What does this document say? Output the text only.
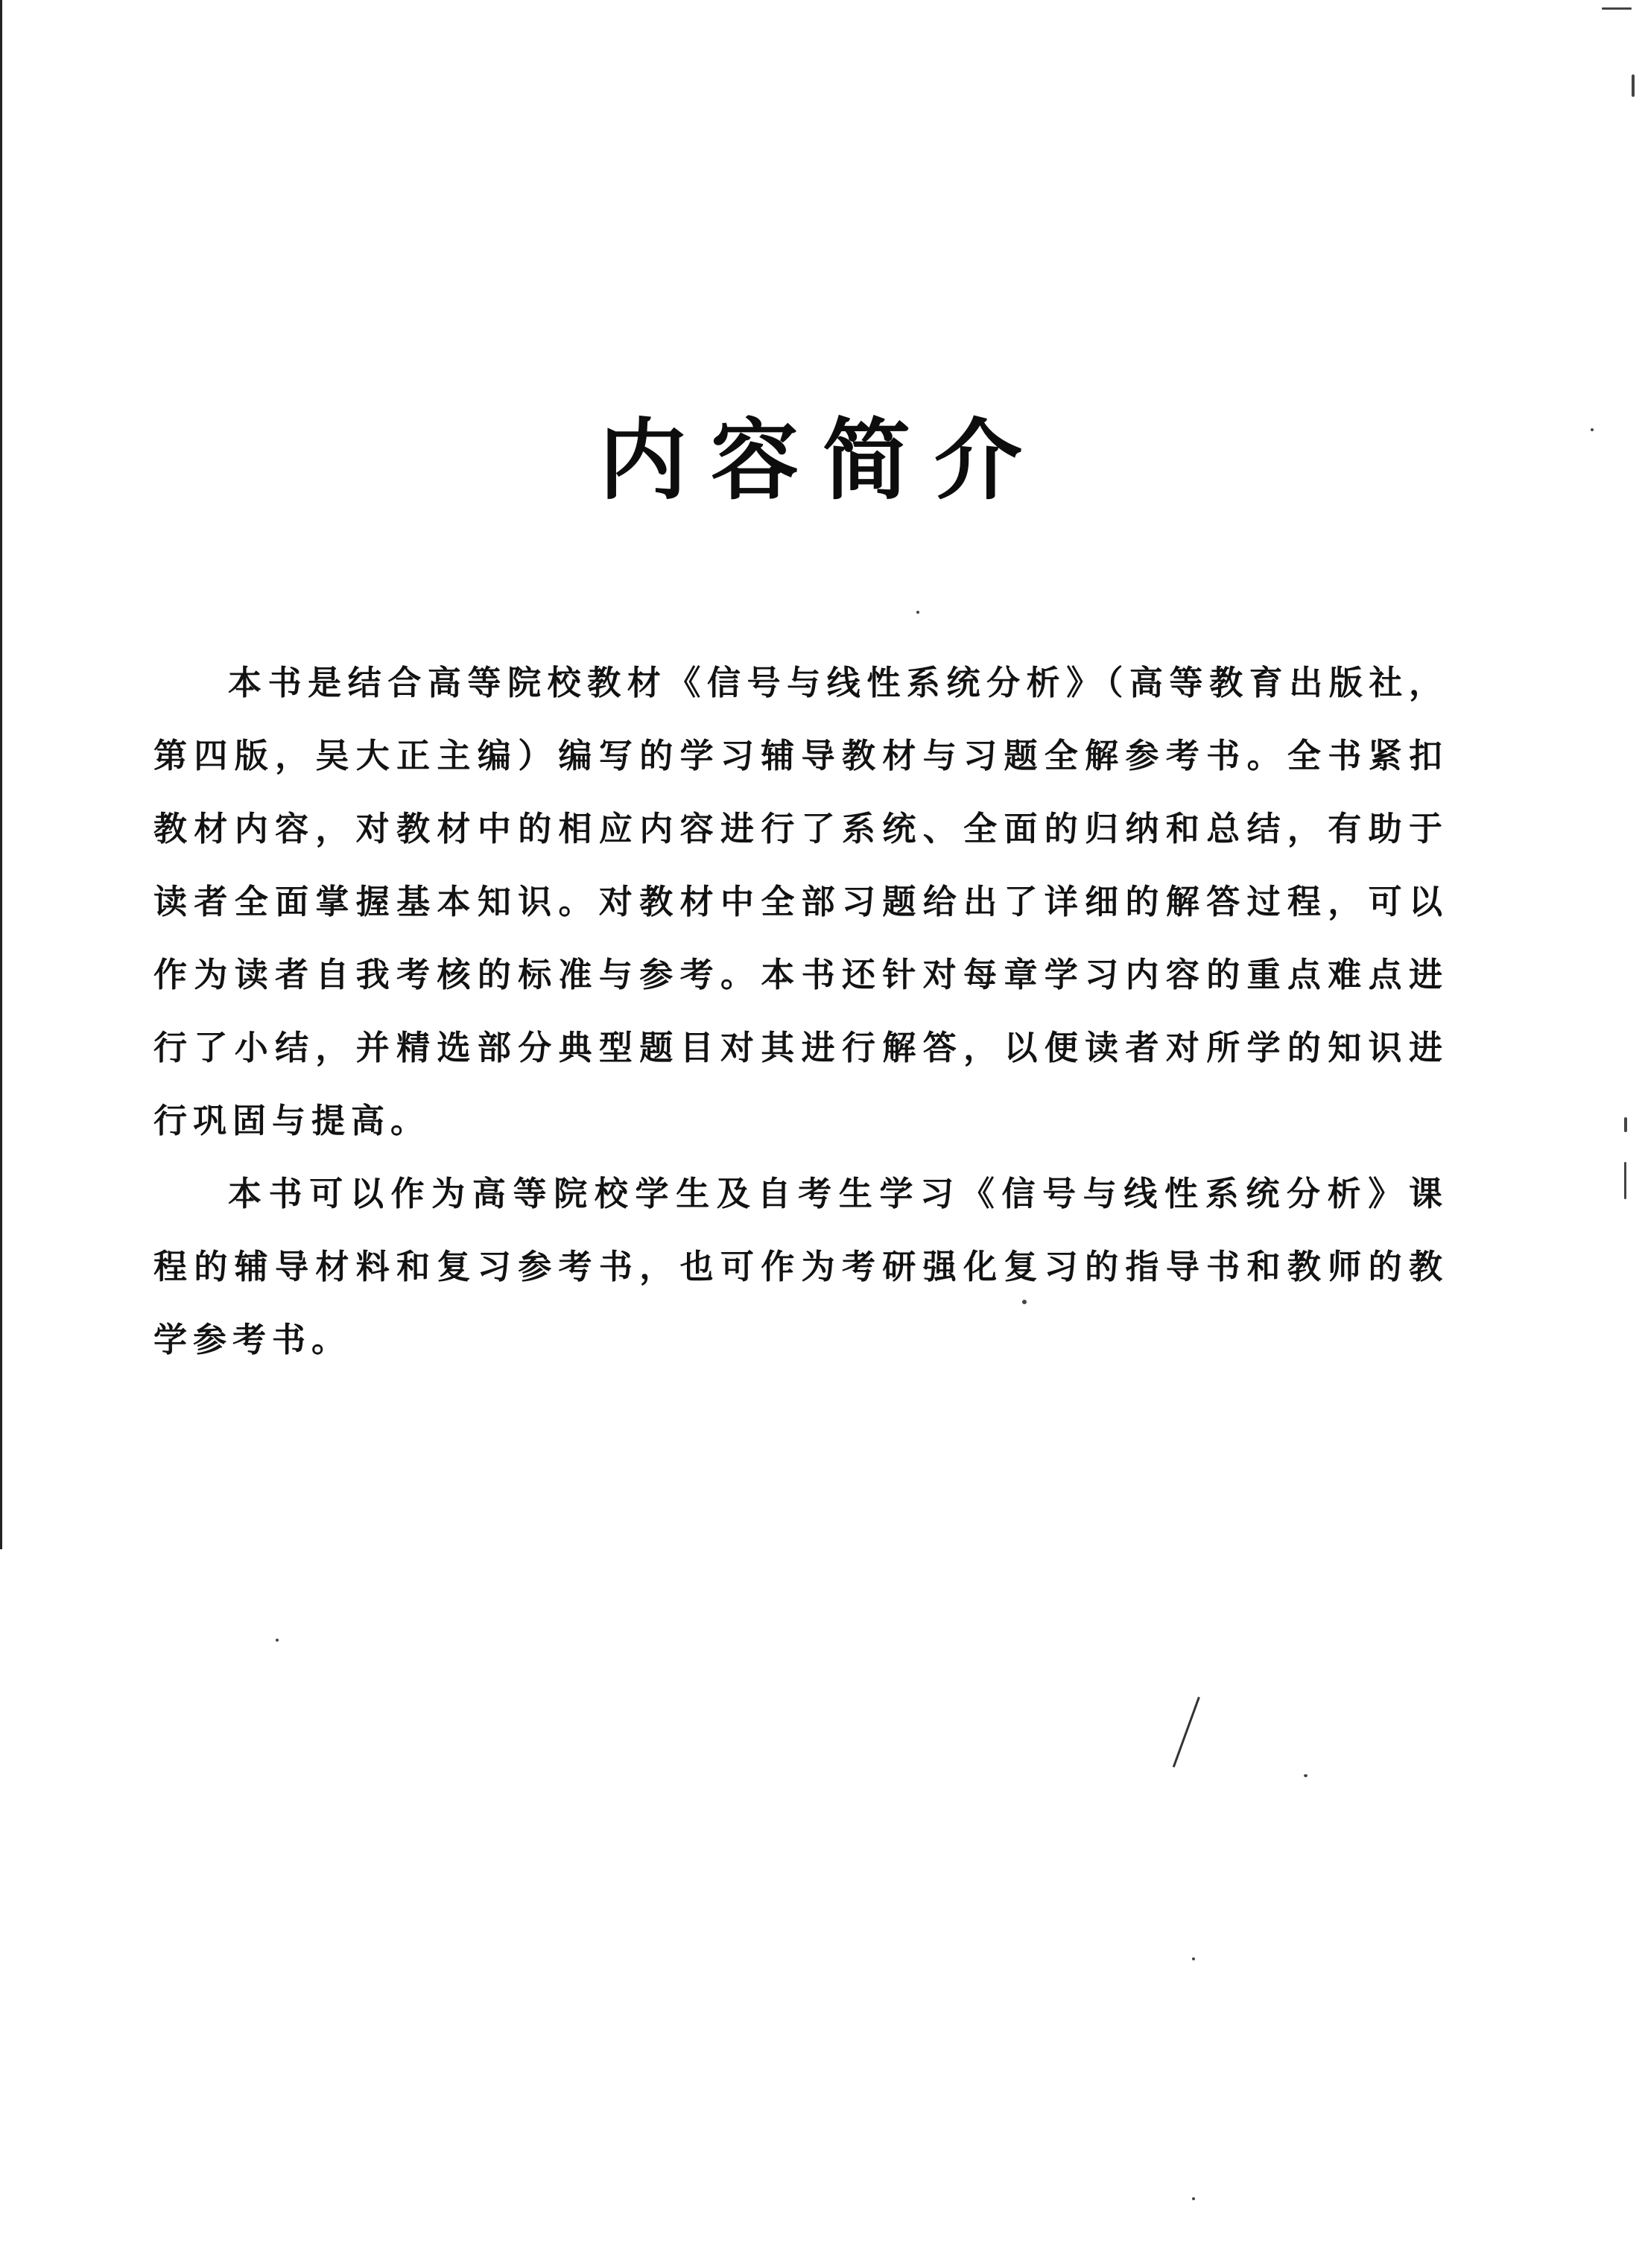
内容简介

本书是结合高等院校教材《信号与线性系统分析》（高等教育出版社，第四版，吴大正主编）编写的学习辅导教材与习题全解参考书。全书紧扣教材内容，对教材中的相应内容进行了系统、全面的归纳和总结，有助于读者全面掌握基本知识。对教材中全部习题给出了详细的解答过程，可以作为读者自我考核的标准与参考。本书还针对每章学习内容的重点难点进行了小结，并精选部分典型题目对其进行解答，以便读者对所学的知识进行巩固与提高。

本书可以作为高等院校学生及自考生学习《信号与线性系统分析》课程的辅导材料和复习参考书，也可作为考研强化复习的指导书和教师的教学参考书。
